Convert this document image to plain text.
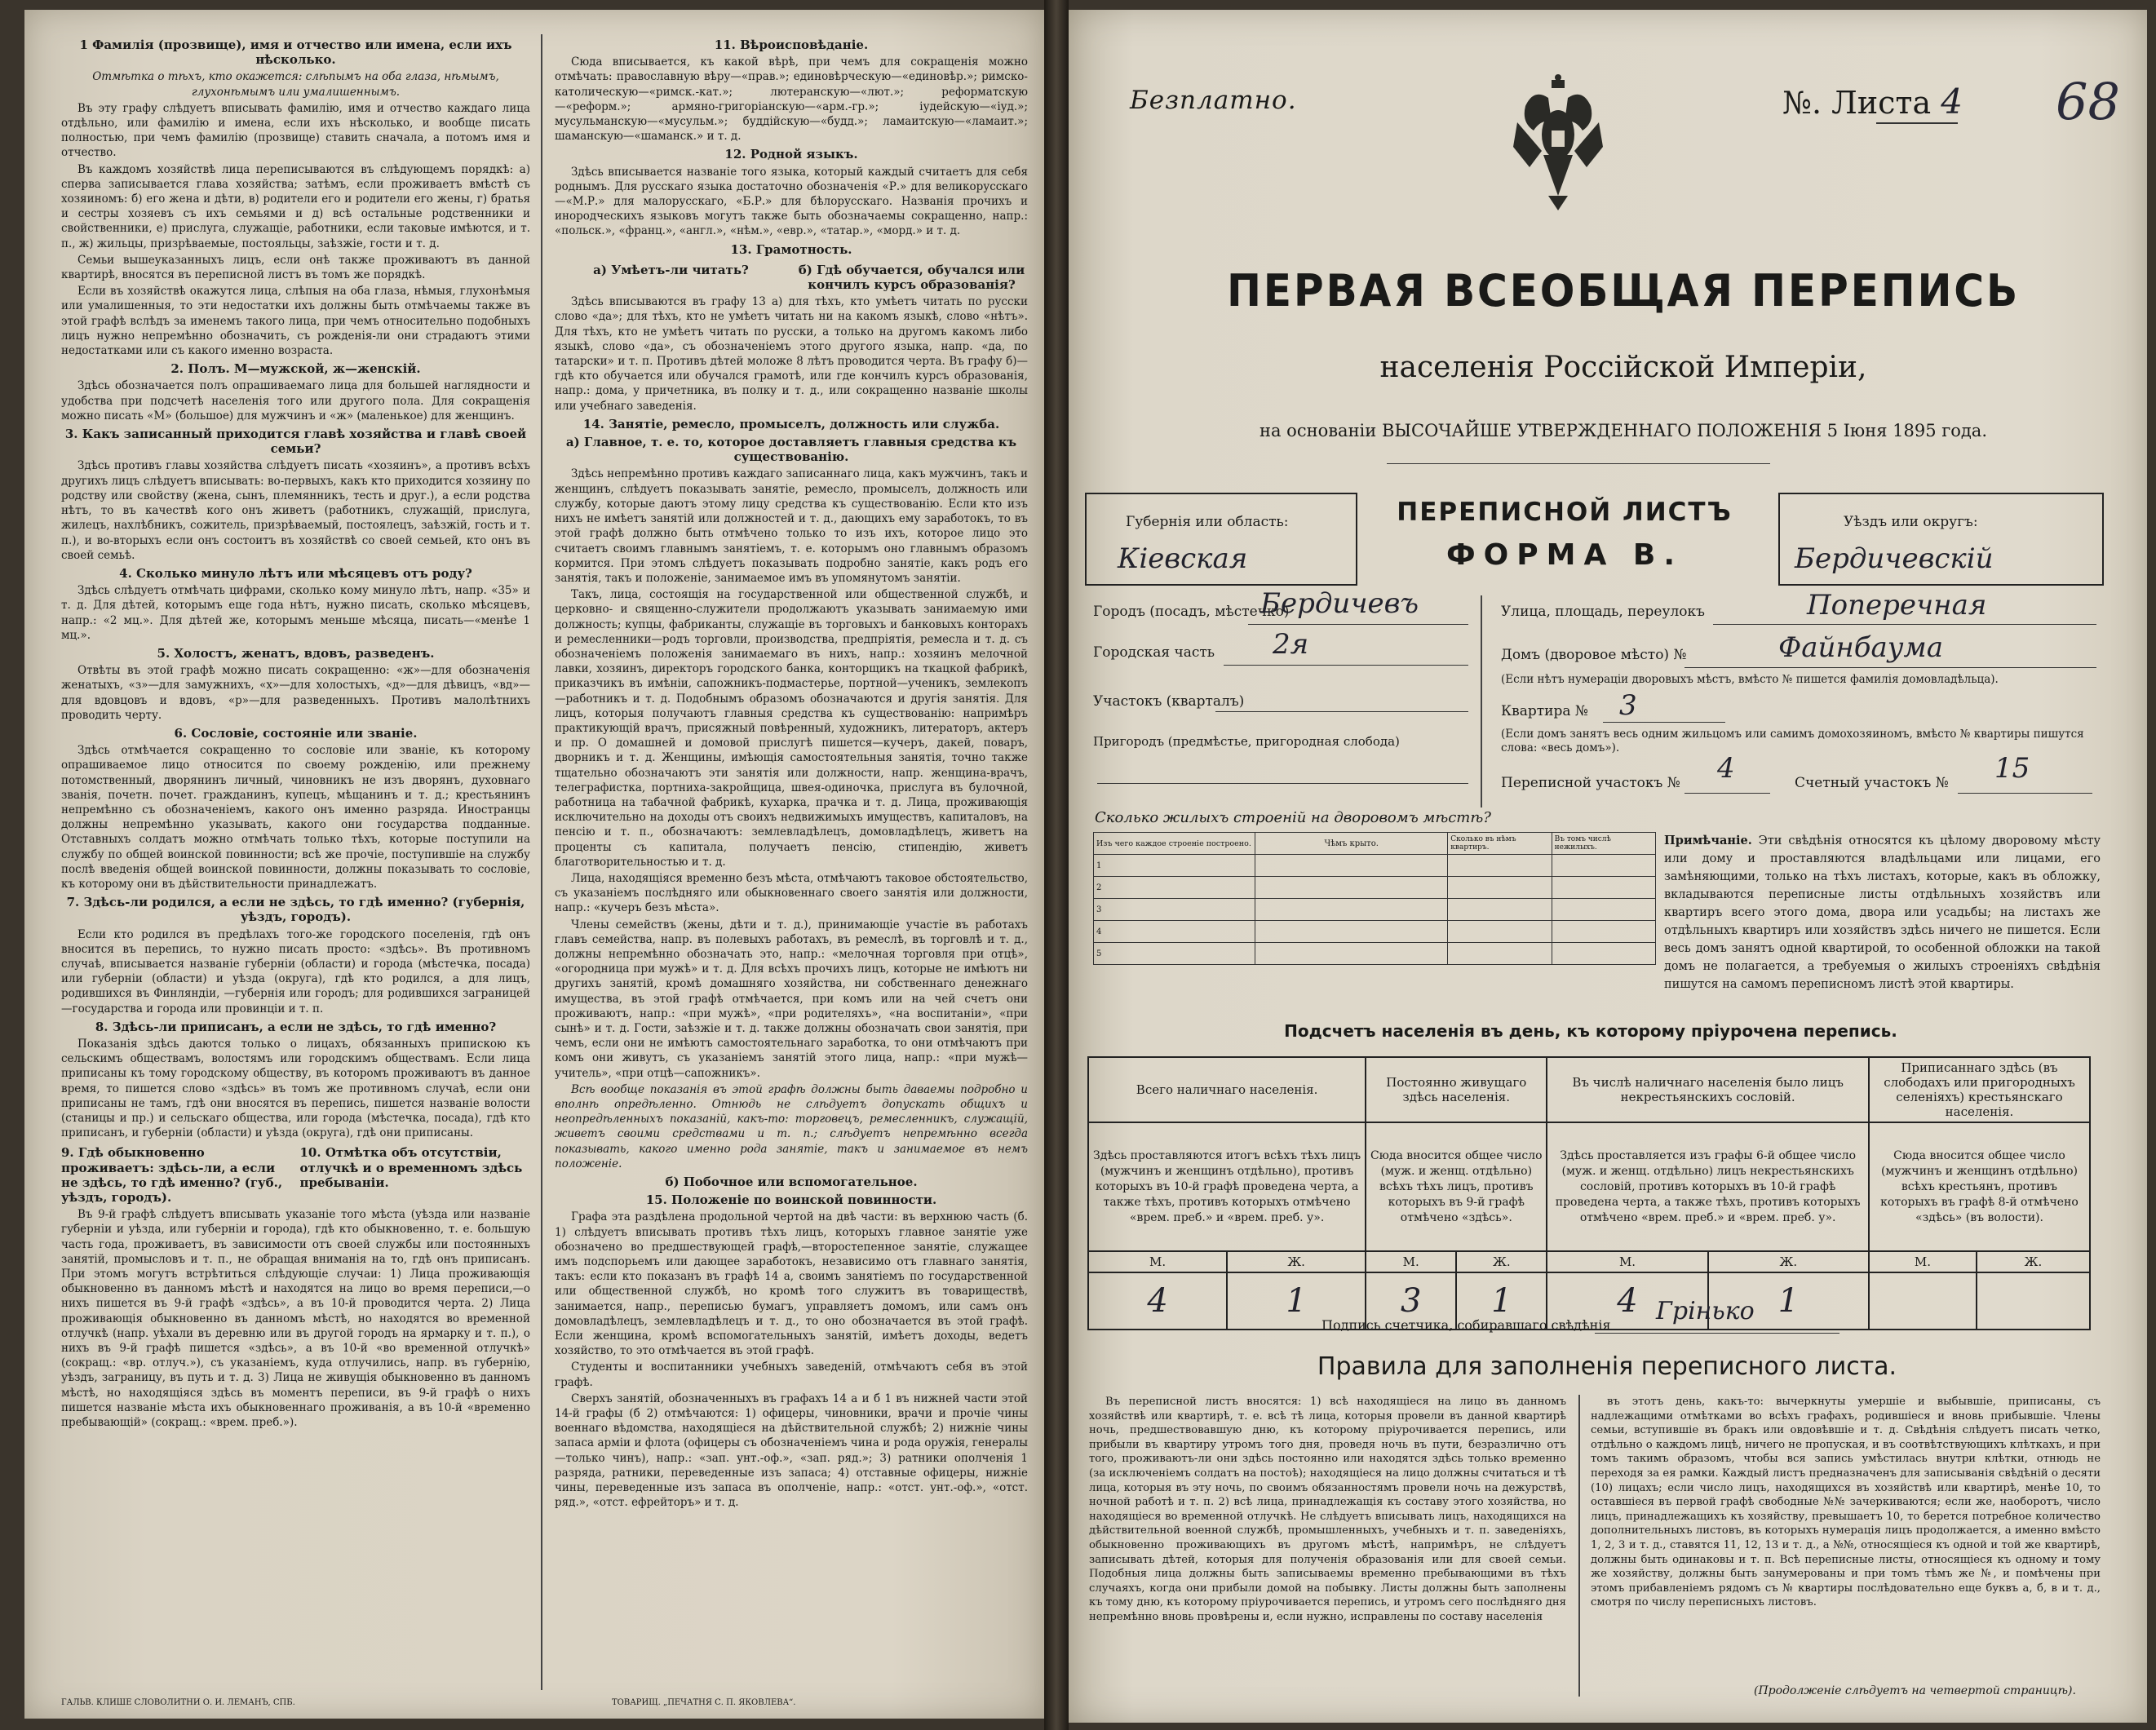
1 Фамилія (прозвище), имя и отчество или имена, если ихъ нѣсколько.

Отмѣтка о тѣхъ, кто окажется: слѣпымъ на оба глаза, нѣмымъ, глухонѣмымъ или умалишеннымъ.

Въ эту графу слѣдуетъ вписывать фамилію, имя и отчество каждаго лица отдѣльно, или фамилію и имена, если ихъ нѣсколько, и вообще писать полностью, при чемъ фамилію (прозвище) ставить сначала, а потомъ имя и отчество.

Въ каждомъ хозяйствѣ лица переписываются въ слѣдующемъ порядкѣ: а) сперва записывается глава хозяйства; затѣмъ, если проживаетъ вмѣстѣ съ хозяиномъ: б) его жена и дѣти, в) родители его и родители его жены, г) братья и сестры хозяевъ съ ихъ семьями и д) всѣ остальные родственники и свойственники, е) прислуга, служащіе, работники, если таковые имѣются, и т. п., ж) жильцы, призрѣваемые, постояльцы, заѣзжіе, гости и т. д.

Семьи вышеуказанныхъ лицъ, если онѣ также проживаютъ въ данной квартирѣ, вносятся въ переписной листъ въ томъ же порядкѣ.

Если въ хозяйствѣ окажутся лица, слѣпыя на оба глаза, нѣмыя, глухонѣмыя или умалишенныя, то эти недостатки ихъ должны быть отмѣчаемы также въ этой графѣ вслѣдъ за именемъ такого лица, при чемъ относительно подобныхъ лицъ нужно непремѣнно обозначить, съ рожденія-ли они страдаютъ этими недостатками или съ какого именно возраста.

2. Полъ. М—мужской, ж—женскій.

Здѣсь обозначается полъ опрашиваемаго лица для большей наглядности и удобства при подсчетѣ населенія того или другого пола. Для сокращенія можно писать «М» (большое) для мужчинъ и «ж» (маленькое) для женщинъ.

3. Какъ записанный приходится главѣ хозяйства и главѣ своей семьи?

Здѣсь противъ главы хозяйства слѣдуетъ писать «хозяинъ», а противъ всѣхъ другихъ лицъ слѣдуетъ вписывать: во-первыхъ, какъ кто приходится хозяину по родству или свойству (жена, сынъ, племянникъ, тесть и друг.), а если родства нѣтъ, то въ качествѣ кого онъ живетъ (работникъ, служащій, прислуга, жилецъ, нахлѣбникъ, сожитель, призрѣваемый, постоялецъ, заѣзжій, гость и т. п.), и во-вторыхъ если онъ состоитъ въ хозяйствѣ со своей семьей, кто онъ въ своей семьѣ.

4. Сколько минуло лѣтъ или мѣсяцевъ отъ роду?

Здѣсь слѣдуетъ отмѣчать цифрами, сколько кому минуло лѣтъ, напр. «35» и т. д. Для дѣтей, которымъ еще года нѣтъ, нужно писать, сколько мѣсяцевъ, напр.: «2 мц.». Для дѣтей же, которымъ меньше мѣсяца, писать—«менѣе 1 мц.».

5. Холостъ, женатъ, вдовъ, разведенъ.

Отвѣты въ этой графѣ можно писать сокращенно: «ж»—для обозначенія женатыхъ, «з»—для замужнихъ, «х»—для холостыхъ, «д»—для дѣвицъ, «вд»—для вдовцовъ и вдовъ, «р»—для разведенныхъ. Противъ малолѣтнихъ проводить черту.

6. Сословіе, состояніе или званіе.

Здѣсь отмѣчается сокращенно то сословіе или званіе, къ которому опрашиваемое лицо относится по своему рожденію, или прежнему потомственный, дворянинъ личный, чиновникъ не изъ дворянъ, духовнаго званія, почетн. почет. гражданинъ, купецъ, мѣщанинъ и т. д.; крестьянинъ непремѣнно съ обозначеніемъ, какого онъ именно разряда. Иностранцы должны непремѣнно указывать, какого они государства подданные. Отставныхъ солдатъ можно отмѣчать только тѣхъ, которые поступили на службу по общей воинской повинности; всѣ же прочіе, поступившіе на службу послѣ введенія общей воинской повинности, должны показывать то сословіе, къ которому они въ дѣйствительности принадлежатъ.

7. Здѣсь-ли родился, а если не здѣсь, то гдѣ именно? (губернія, уѣздъ, городъ).

Если кто родился въ предѣлахъ того-же городского поселенія, гдѣ онъ вносится въ перепись, то нужно писать просто: «здѣсь». Въ противномъ случаѣ, вписывается названіе губерніи (области) и города (мѣстечка, посада) или губерніи (области) и уѣзда (округа), гдѣ кто родился, а для лицъ, родившихся въ Финляндіи, —губернія или городъ; для родившихся заграницей—государства и города или провинціи и т. п.

8. Здѣсь-ли приписанъ, а если не здѣсь, то гдѣ именно?

Показанія здѣсь даются только о лицахъ, обязанныхъ припискою къ сельскимъ обществамъ, волостямъ или городскимъ обществамъ. Если лица приписаны къ тому городскому обществу, въ которомъ проживаютъ въ данное время, то пишется слово «здѣсь» въ томъ же противномъ случаѣ, если они приписаны не тамъ, гдѣ они вносятся въ перепись, пишется названіе волости (станицы и пр.) и сельскаго общества, или города (мѣстечка, посада), гдѣ кто приписанъ, и губерніи (области) и уѣзда (округа), гдѣ они приписаны.

9. Гдѣ обыкновенно проживаетъ: здѣсь-ли, а если не здѣсь, то гдѣ именно? (губ., уѣздъ, городъ).
10. Отмѣтка объ отсутствіи, отлучкѣ и о временномъ здѣсь пребываніи.

Въ 9-й графѣ слѣдуетъ вписывать указаніе того мѣста (уѣзда или названіе губерніи и уѣзда, или губерніи и города), гдѣ кто обыкновенно, т. е. большую часть года, проживаетъ, въ зависимости отъ своей службы или постоянныхъ занятій, промысловъ и т. п., не обращая вниманія на то, гдѣ онъ приписанъ. При этомъ могутъ встрѣтиться слѣдующіе случаи: 1) Лица проживающія обыкновенно въ данномъ мѣстѣ и находятся на лицо во время переписи,—о нихъ пишется въ 9-й графѣ «здѣсь», а въ 10-й проводится черта. 2) Лица проживающія обыкновенно въ данномъ мѣстѣ, но находятся во временной отлучкѣ (напр. уѣхали въ деревню или въ другой городъ на ярмарку и т. п.), о нихъ въ 9-й графѣ пишется «здѣсь», а въ 10-й «во временной отлучкѣ» (сокращ.: «вр. отлуч.»), съ указаніемъ, куда отлучились, напр. въ губернію, уѣздъ, заграницу, въ путь и т. д. 3) Лица не живущія обыкновенно въ данномъ мѣстѣ, но находящіяся здѣсь въ моментъ переписи, въ 9-й графѣ о нихъ пишется названіе мѣста ихъ обыкновеннаго проживанія, а въ 10-й «временно пребывающій» (сокращ.: «врем. преб.»).

11. Вѣроисповѣданіе.

Сюда вписывается, къ какой вѣрѣ, при чемъ для сокращенія можно отмѣчать: православную вѣру—«прав.»; единовѣрческую—«единовѣр.»; римско-католическую—«римск.-кат.»; лютеранскую—«лют.»; реформатскую—«реформ.»; армяно-григоріанскую—«арм.-гр.»; іудейскую—«іуд.»; мусульманскую—«мусульм.»; буддійскую—«будд.»; ламаитскую—«ламаит.»; шаманскую—«шаманск.» и т. д.

12. Родной языкъ.

Здѣсь вписывается названіе того языка, который каждый считаетъ для себя роднымъ. Для русскаго языка достаточно обозначенія «Р.» для великорусскаго—«М.Р.» для малорусскаго, «Б.Р.» для бѣлорусскаго. Названія прочихъ и инородческихъ языковъ могутъ также быть обозначаемы сокращенно, напр.: «польск.», «франц.», «англ.», «нѣм.», «евр.», «татар.», «морд.» и т. д.

13. Грамотность.
а) Умѣетъ-ли читать?	б) Гдѣ обучается, обучался или кончилъ курсъ образованія?

Здѣсь вписываются въ графу 13 а) для тѣхъ, кто умѣетъ читать по русски слово «да»; для тѣхъ, кто не умѣетъ читать ни на какомъ языкѣ, слово «нѣтъ». Для тѣхъ, кто не умѣетъ читать по русски, а только на другомъ какомъ либо языкѣ, слово «да», съ обозначеніемъ этого другого языка, напр. «да, по татарски» и т. п. Противъ дѣтей моложе 8 лѣтъ проводится черта. Въ графу б)—гдѣ кто обучается или обучался грамотѣ, или где кончилъ курсъ образованія, напр.: дома, у причетника, въ полку и т. д., или сокращенно названіе школы или учебнаго заведенія.

14. Занятіе, ремесло, промыселъ, должность или служба.
а) Главное, т. е. то, которое доставляетъ главныя средства къ существованію.

Здѣсь непремѣнно противъ каждаго записаннаго лица, какъ мужчинъ, такъ и женщинъ, слѣдуетъ показывать занятіе, ремесло, промыселъ, должность или службу, которые даютъ этому лицу средства къ существованію. Если кто изъ нихъ не имѣетъ занятій или должностей и т. д., дающихъ ему заработокъ, то въ этой графѣ должно быть отмѣчено только то изъ ихъ, которое лицо это считаетъ своимъ главнымъ занятіемъ, т. е. которымъ оно главнымъ образомъ кормится. При этомъ слѣдуетъ показывать подробно занятіе, какъ родъ его занятія, такъ и положеніе, занимаемое имъ въ упомянутомъ занятіи.

Такъ, лица, состоящія на государственной или общественной службѣ, и церковно- и священно-служители продолжаютъ указывать занимаемую ими должность; купцы, фабриканты, служащіе въ торговыхъ и банковыхъ конторахъ и ремесленники—родъ торговли, производства, предпріятія, ремесла и т. д. съ обозначеніемъ положенія занимаемаго въ нихъ, напр.: хозяинъ мелочной лавки, хозяинъ, директоръ городского банка, конторщикъ на ткацкой фабрикѣ, приказчикъ въ имѣніи, сапожникъ-подмастерье, портной—ученикъ, землекопъ—работникъ и т. д. Подобнымъ образомъ обозначаются и другія занятія. Для лицъ, которыя получаютъ главныя средства къ существованію: напримѣръ практикующій врачъ, присяжный повѣренный, художникъ, литераторъ, актеръ и пр. О домашней и домовой прислугѣ пишется—кучеръ, дакей, поваръ, дворникъ и т. д. Женщины, имѣющія самостоятельныя занятія, точно также тщательно обозначаютъ эти занятія или должности, напр. женщина-врачъ, телеграфистка, портниха-закройщица, швея-одиночка, прислуга въ булочной, работница на табачной фабрикѣ, кухарка, прачка и т. д. Лица, проживающія исключительно на доходы отъ своихъ недвижимыхъ имуществъ, капиталовъ, на пенсію и т. п., обозначаютъ: землевладѣлецъ, домовладѣлецъ, живетъ на проценты съ капитала, получаетъ пенсію, стипендію, живетъ благотворительностью и т. д.

Лица, находящіяся временно безъ мѣста, отмѣчаютъ таковое обстоятельство, съ указаніемъ послѣдняго или обыкновеннаго своего занятія или должности, напр.: «кучеръ безъ мѣста».

Члены семействъ (жены, дѣти и т. д.), принимающіе участіе въ работахъ главъ семейства, напр. въ полевыхъ работахъ, въ ремеслѣ, въ торговлѣ и т. д., должны непремѣнно обозначать это, напр.: «мелочная торговля при отцѣ», «огородница при мужѣ» и т. д. Для всѣхъ прочихъ лицъ, которые не имѣютъ ни другихъ занятій, кромѣ домашняго хозяйства, ни собственнаго денежнаго имущества, въ этой графѣ отмѣчается, при комъ или на чей счетъ они проживаютъ, напр.: «при мужѣ», «при родителяхъ», «на воспитаніи», «при сынѣ» и т. д. Гости, заѣзжіе и т. д. также должны обозначать свои занятія, при чемъ, если они не имѣютъ самостоятельнаго заработка, то они отмѣчаютъ при комъ они живутъ, съ указаніемъ занятій этого лица, напр.: «при мужѣ—учитель», «при отцѣ—сапожникъ».

Всѣ вообще показанія въ этой графѣ должны быть даваемы подробно и вполнѣ опредѣленно. Отнюдь не слѣдуетъ допускать общихъ и неопредѣленныхъ показаній, какъ-то: торговецъ, ремесленникъ, служащій, живетъ своими средствами и т. п.; слѣдуетъ непремѣнно всегда показывать, какого именно рода занятіе, такъ и занимаемое въ немъ положеніе.

б) Побочное или вспомогательное.
15. Положеніе по воинской повинности.

Графа эта раздѣлена продольной чертой на двѣ части: въ верхнюю часть (б. 1) слѣдуетъ вписывать противъ тѣхъ лицъ, которыхъ главное занятіе уже обозначено во предшествующей графѣ,—второстепенное занятіе, служащее имъ подспорьемъ или дающее заработокъ, независимо отъ главнаго занятія, такъ: если кто показанъ въ графѣ 14 а, своимъ занятіемъ по государственной или общественной службѣ, но кромѣ того служитъ въ товариществѣ, занимается, напр., переписью бумагъ, управляетъ домомъ, или самъ онъ домовладѣлецъ, землевладѣлецъ и т. д., то оно обозначается въ этой графѣ. Если женщина, кромѣ вспомогательныхъ занятій, имѣетъ доходы, ведетъ хозяйство, то это отмѣчается въ этой графѣ.

Студенты и воспитанники учебныхъ заведеній, отмѣчаютъ себя въ этой графѣ.

Сверхъ занятій, обозначенныхъ въ графахъ 14 а и б 1 въ нижней части этой 14-й графы (б 2) отмѣчаются: 1) офицеры, чиновники, врачи и прочіе чины военнаго вѣдомства, находящіеся на дѣйствительной службѣ; 2) нижніе чины запаса арміи и флота (офицеры съ обозначеніемъ чина и рода оружія, генералы—только чинъ), напр.: «зап. унт.-оф.», «зап. ряд.»; 3) ратники ополченія 1 разряда, ратники, переведенные изъ запаса; 4) отставные офицеры, нижніе чины, переведенные изъ запаса въ ополченіе, напр.: «отст. унт.-оф.», «отст. ряд.», «отст. ефрейторъ» и т. д.

ГАЛЬВ. КЛИШЕ СЛОВОЛИТНИ О. И. ЛЕМАНЪ, СПБ.	ТОВАРИЩ. „ПЕЧАТНЯ С. П. ЯКОВЛЕВА“.
Безплатно.	№. Листа 4 68
ПЕРВАЯ ВСЕОБЩАЯ ПЕРЕПИСЬ
населенія Россійской Имперіи,
на основаніи ВЫСОЧАЙШЕ УТВЕРЖДЕННАГО ПОЛОЖЕНІЯ 5 Іюня 1895 года.
Губернія или область:
Кіевская
ПЕРЕПИСНОЙ ЛИСТЪ
ФОРМА В.
Уѣздъ или округъ:
Бердичевскій
Городъ (посадъ, мѣстечко)
Бердичевъ
Городская часть 2я
Участокъ (кварталъ)
Пригородъ (предмѣстье, пригородная слобода)
Улица, площадь, переулокъ	Поперечная
Домъ (дворовое мѣсто) №	Файнбаума
(Если нѣтъ нумераціи дворовыхъ мѣстъ, вмѣсто № пишется фамилія домовладѣльца).
Квартира № 3
(Если домъ занятъ весь одним жильцомъ или самимъ домохозяиномъ, вмѣсто № квартиры пишутся слова: «весь домъ»).
Переписной участокъ № 4	Счетный участокъ № 15
Сколько жилыхъ строеній на дворовомъ мѣстѣ?
Изъ чего каждое строеніе построено.	Чѣмъ крыто.	Сколько въ нѣмъ квартиръ.	Въ томъ числѣ нежилыхъ.
1			
2			
3			
4			
5			
Примѣчаніе. Эти свѣдѣнія относятся къ цѣлому дворовому мѣсту или дому и проставляются владѣльцами или лицами, его замѣняющими, только на тѣхъ листахъ, которые, какъ въ обложку, вкладываются переписные листы отдѣльныхъ хозяйствъ или квартиръ всего этого дома, двора или усадьбы; на листахъ же отдѣльныхъ квартиръ или хозяйствъ здѣсь ничего не пишется. Если весь домъ занятъ одной квартирой, то особенной обложки на такой домъ не полагается, а требуемыя о жилыхъ строеніяхъ свѣдѣнія пишутся на самомъ переписномъ листѣ этой квартиры.
Подсчетъ населенія въ день, къ которому пріурочена перепись.
Всего наличнаго населенія.		Постоянно живущаго здѣсь населенія.		Въ числѣ наличнаго населенія было лицъ некрестьянскихъ сословій.		Приписаннаго здѣсь (въ слободахъ или пригородныхъ селеніяхъ) крестьянскаго населенія.	
Здѣсь проставляются итогъ всѣхъ тѣхъ лицъ (мужчинъ и женщинъ отдѣльно), противъ которыхъ въ 10-й графѣ проведена черта, а также тѣхъ, противъ которыхъ отмѣчено «врем. преб.» и «врем. преб. у».		Сюда вносится общее число (муж. и женщ. отдѣльно) всѣхъ тѣхъ лицъ, противъ которыхъ въ 9-й графѣ отмѣчено «здѣсь».		Здѣсь проставляется изъ графы 6-й общее число (муж. и женщ. отдѣльно) лицъ некрестьянскихъ сословій, противъ которыхъ въ 10-й графѣ проведена черта, а также тѣхъ, противъ которыхъ отмѣчено «врем. преб.» и «врем. преб. у».		Сюда вносится общее число (мужчинъ и женщинъ отдѣльно) всѣхъ крестьянъ, противъ которыхъ въ графѣ 8-й отмѣчено «здѣсь» (въ волости).	
М.	Ж.	М.	Ж.	М.	Ж.	М.	Ж.
4	1	3	1	4	1		
Подпись счетчика, собиравшаго свѣдѣнія Грінько
Правила для заполненія переписного листа.

Въ переписной листъ вносятся: 1) всѣ находящіеся на лицо въ данномъ хозяйствѣ или квартирѣ, т. е. всѣ тѣ лица, которыя провели въ данной квартирѣ ночь, предшествовавшую дню, къ которому пріурочивается перепись, или прибыли въ квартиру утромъ того дня, проведя ночь въ пути, безразлично отъ того, проживаютъ-ли они здѣсь постоянно или находятся здѣсь только временно (за исключеніемъ солдатъ на постоѣ); находящіеся на лицо должны считаться и тѣ лица, которыя въ эту ночь, по своимъ обязанностямъ провели ночь на дежурствѣ, ночной работѣ и т. п. 2) всѣ лица, принадлежащія къ составу этого хозяйства, но находящіеся во временной отлучкѣ. Не слѣдуетъ вписывать лицъ, находящихся на дѣйствительной военной службѣ, промышленныхъ, учебныхъ и т. п. заведеніяхъ, обыкновенно проживающихъ въ другомъ мѣстѣ, напримѣръ, не слѣдуетъ записывать дѣтей, которыя для полученія образованія или для своей семьи. Подобныя лица должны быть записываемы временно пребывающими въ тѣхъ случаяхъ, когда они прибыли домой на побывку. Листы должны быть заполнены къ тому дню, къ которому пріурочивается перепись, и утромъ сего послѣдняго дня непремѣнно вновь провѣрены и, если нужно, исправлены по составу населенія

въ этотъ день, какъ-то: вычеркнуты умершіе и выбывшіе, приписаны, съ надлежащими отмѣтками во всѣхъ графахъ, родившіеся и вновь прибывшіе. Члены семьи, вступившіе въ бракъ или овдовѣвшіе и т. д. Свѣдѣнія слѣдуетъ писать четко, отдѣльно о каждомъ лицѣ, ничего не пропуская, и въ соотвѣтствующихъ клѣткахъ, и при томъ такимъ образомъ, чтобы вся запись умѣстилась внутри клѣтки, отнюдь не переходя за ея рамки. Каждый листъ предназначенъ для записыванія свѣдѣній о десяти (10) лицахъ; если число лицъ, находящихся въ хозяйствѣ или квартирѣ, менѣе 10, то оставшіеся въ первой графѣ свободные №№ зачеркиваются; если же, наоборотъ, число лицъ, принадлежащихъ къ хозяйству, превышаетъ 10, то берется потребное количество дополнительныхъ листовъ, въ которыхъ нумерація лицъ продолжается, а именно вмѣсто 1, 2, 3 и т. д., ставятся 11, 12, 13 и т. д., а №№, относящіеся къ одной и той же квартирѣ, должны быть одинаковы и т. п. Всѣ переписные листы, относящіеся къ одному и тому же хозяйству, должны быть занумерованы и при томъ тѣмъ же №, и помѣчены при этомъ прибавленіемъ рядомъ съ № квартиры послѣдовательно еще буквъ а, б, в и т. д., смотря по числу переписныхъ листовъ.

(Продолженіе слѣдуетъ на четвертой страницѣ).
